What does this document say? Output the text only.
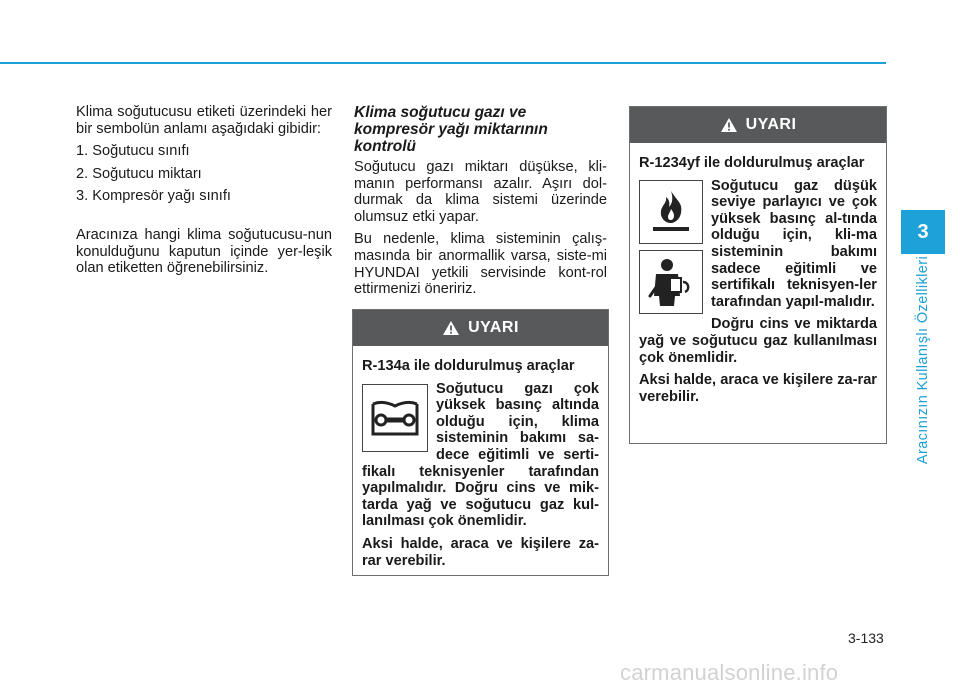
Klima soğutucusu etiketi üzerindeki her bir sembolün anlamı aşağıdaki gibidir:

1. Soğutucu sınıfı
2. Soğutucu miktarı
3. Kompresör yağı sınıfı

Aracınıza hangi klima soğutucusu-nun konulduğunu kaputun içinde yer-leşik olan etiketten öğrenebilirsiniz.

Klima soğutucu gazı ve kompresör yağı miktarının kontrolü

Soğutucu gazı miktarı düşükse, kli-manın performansı azalır. Aşırı dol-durmak da klima sistemi üzerinde olumsuz etki yapar.

Bu nedenle, klima sisteminin çalış-masında bir anormallik varsa, siste-mi HYUNDAI yetkili servisinde kont-rol ettirmenizi öneririz.

UYARI

R-134a ile doldurulmuş araçlar

Soğutucu gazı çok yüksek basınç altında olduğu için, klima sisteminin bakımı sa-dece eğitimli ve serti-fikalı teknisyenler tarafından yapılmalıdır. Doğru cins ve mik-tarda yağ ve soğutucu gaz kul-lanılması çok önemlidir.

Aksi halde, araca ve kişilere za-rar verebilir.

UYARI

R-1234yf ile doldurulmuş araçlar

Soğutucu gaz düşük seviye parlayıcı ve çok yüksek basınç al-tında olduğu için, kli-ma sisteminin bakımı sadece eğitimli ve sertifikalı teknisyen-ler tarafından yapıl-malıdır.

Doğru cins ve miktarda yağ ve soğutucu gaz kullanılması çok önemlidir.

Aksi halde, araca ve kişilere za-rar verebilir.

3
Aracınızın Kullanışlı Özellikleri
3-133
carmanualsonline.info
